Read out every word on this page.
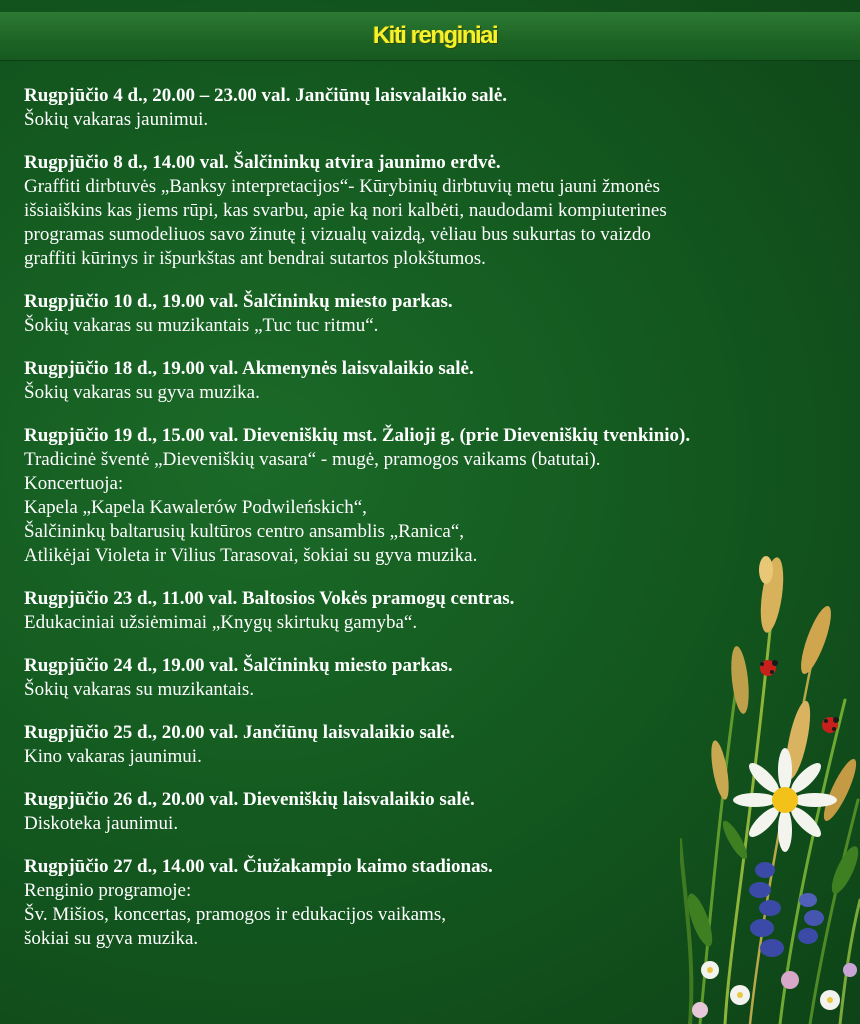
Kiti renginiai
Rugpjūčio 4 d., 20.00 – 23.00 val. Jančiūnų laisvalaikio salė.
Šokių vakaras jaunimui.
Rugpjūčio 8 d., 14.00 val. Šalčininkų atvira jaunimo erdvė.
Graffiti dirbtuvės „Banksy interpretacijos“- Kūrybinių dirbtuvių metu jauni žmonės
išsiaiškins kas jiems rūpi, kas svarbu, apie ką nori kalbėti, naudodami kompiuterines
programas sumodeliuos savo žinutę į vizualų vaizdą, vėliau bus sukurtas to vaizdo
graffiti kūrinys ir išpurkštas ant bendrai sutartos plokštumos.
Rugpjūčio 10 d., 19.00 val. Šalčininkų miesto parkas.
Šokių vakaras su muzikantais „Tuc tuc ritmu“.
Rugpjūčio 18 d., 19.00 val. Akmenynės laisvalaikio salė.
Šokių vakaras su gyva muzika.
Rugpjūčio 19 d., 15.00 val. Dieveniškių mst. Žalioji g. (prie Dieveniškių tvenkinio).
Tradicinė šventė „Dieveniškių vasara“ - mugė, pramogos vaikams (batutai).
Koncertuoja:
Kapela „Kapela Kawalerów Podwileńskich“,
Šalčininkų baltarusių kultūros centro ansamblis „Ranica“,
Atlikėjai Violeta ir Vilius Tarasovai, šokiai su gyva muzika.
Rugpjūčio 23 d., 11.00 val. Baltosios Vokės pramogų centras.
Edukaciniai užsiėmimai „Knygų skirtukų gamyba“.
Rugpjūčio 24 d., 19.00 val. Šalčininkų miesto parkas.
Šokių vakaras su muzikantais.
Rugpjūčio 25 d., 20.00 val. Jančiūnų laisvalaikio salė.
Kino vakaras jaunimui.
Rugpjūčio 26 d., 20.00 val. Dieveniškių laisvalaikio salė.
Diskoteka jaunimui.
Rugpjūčio 27 d., 14.00 val. Čiužakampio kaimo stadionas.
Renginio programoje:
Šv. Mišios, koncertas, pramogos ir edukacijos vaikams,
šokiai su gyva muzika.
